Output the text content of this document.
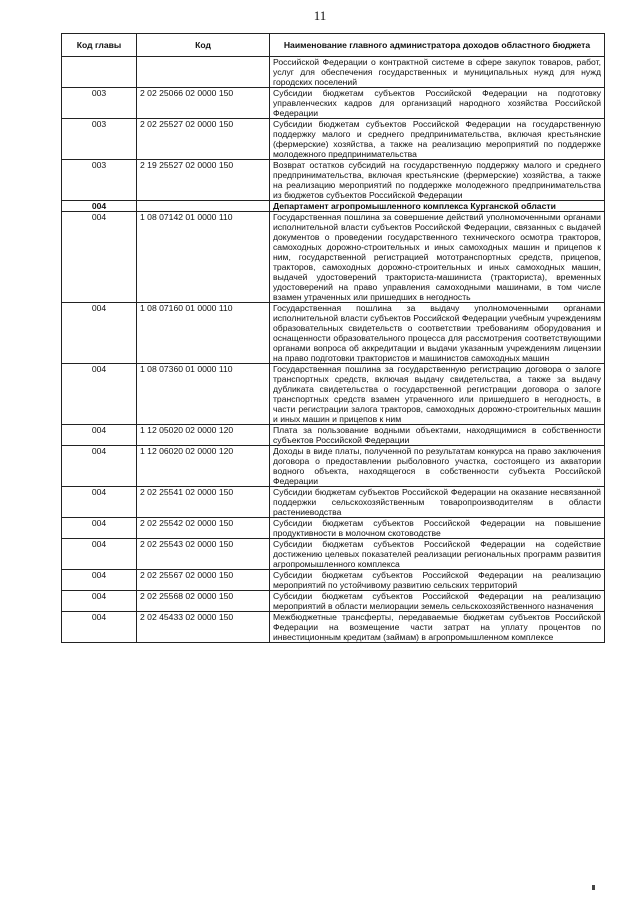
11
Код главы	Код	Наименование главного администратора доходов областного бюджета
		Российской Федерации о контрактной системе в сфере закупок товаров, работ, услуг для обеспечения государственных и муниципальных нужд для нужд городских поселений
003	2 02 25066 02 0000 150	Субсидии бюджетам субъектов Российской Федерации на подготовку управленческих кадров для организаций народного хозяйства Российской Федерации
003	2 02 25527 02 0000 150	Субсидии бюджетам субъектов Российской Федерации на государственную поддержку малого и среднего предпринимательства, включая крестьянские (фермерские) хозяйства, а также на реализацию мероприятий по поддержке молодежного предпринимательства
003	2 19 25527 02 0000 150	Возврат остатков субсидий на государственную поддержку малого и среднего предпринимательства, включая крестьянские (фермерские) хозяйства, а также на реализацию мероприятий по поддержке молодежного предпринимательства из бюджетов субъектов Российской Федерации
004		Департамент агропромышленного комплекса Курганской области
004	1 08 07142 01 0000 110	Государственная пошлина за совершение действий уполномоченными органами исполнительной власти субъектов Российской Федерации, связанных с выдачей документов о проведении государственного технического осмотра тракторов, самоходных дорожно-строительных и иных самоходных машин и прицепов к ним, государственной регистрацией мототранспортных средств, прицепов, тракторов, самоходных дорожно-строительных и иных самоходных машин, выдачей удостоверений тракториста-машиниста (тракториста), временных удостоверений на право управления самоходными машинами, в том числе взамен утраченных или пришедших в негодность
004	1 08 07160 01 0000 110	Государственная пошлина за выдачу уполномоченными органами исполнительной власти субъектов Российской Федерации учебным учреждениям образовательных свидетельств о соответствии требованиям оборудования и оснащенности образовательного процесса для рассмотрения соответствующими органами вопроса об аккредитации и выдачи указанным учреждениям лицензии на право подготовки трактористов и машинистов самоходных машин
004	1 08 07360 01 0000 110	Государственная пошлина за государственную регистрацию договора о залоге транспортных средств, включая выдачу свидетельства, а также за выдачу дубликата свидетельства о государственной регистрации договора о залоге транспортных средств взамен утраченного или пришедшего в негодность, в части регистрации залога тракторов, самоходных дорожно-строительных машин и иных машин и прицепов к ним
004	1 12 05020 02 0000 120	Плата за пользование водными объектами, находящимися в собственности субъектов Российской Федерации
004	1 12 06020 02 0000 120	Доходы в виде платы, полученной по результатам конкурса на право заключения договора о предоставлении рыболовного участка, состоящего из акватории водного объекта, находящегося в собственности субъекта Российской Федерации
004	2 02 25541 02 0000 150	Субсидии бюджетам субъектов Российской Федерации на оказание несвязанной поддержки сельскохозяйственным товаропроизводителям в области растениеводства
004	2 02 25542 02 0000 150	Субсидии бюджетам субъектов Российской Федерации на повышение продуктивности в молочном скотоводстве
004	2 02 25543 02 0000 150	Субсидии бюджетам субъектов Российской Федерации на содействие достижению целевых показателей реализации региональных программ развития агропромышленного комплекса
004	2 02 25567 02 0000 150	Субсидии бюджетам субъектов Российской Федерации на реализацию мероприятий по устойчивому развитию сельских территорий
004	2 02 25568 02 0000 150	Субсидии бюджетам субъектов Российской Федерации на реализацию мероприятий в области мелиорации земель сельскохозяйственного назначения
004	2 02 45433 02 0000 150	Межбюджетные трансферты, передаваемые бюджетам субъектов Российской Федерации на возмещение части затрат на уплату процентов по инвестиционным кредитам (займам) в агропромышленном комплексе
